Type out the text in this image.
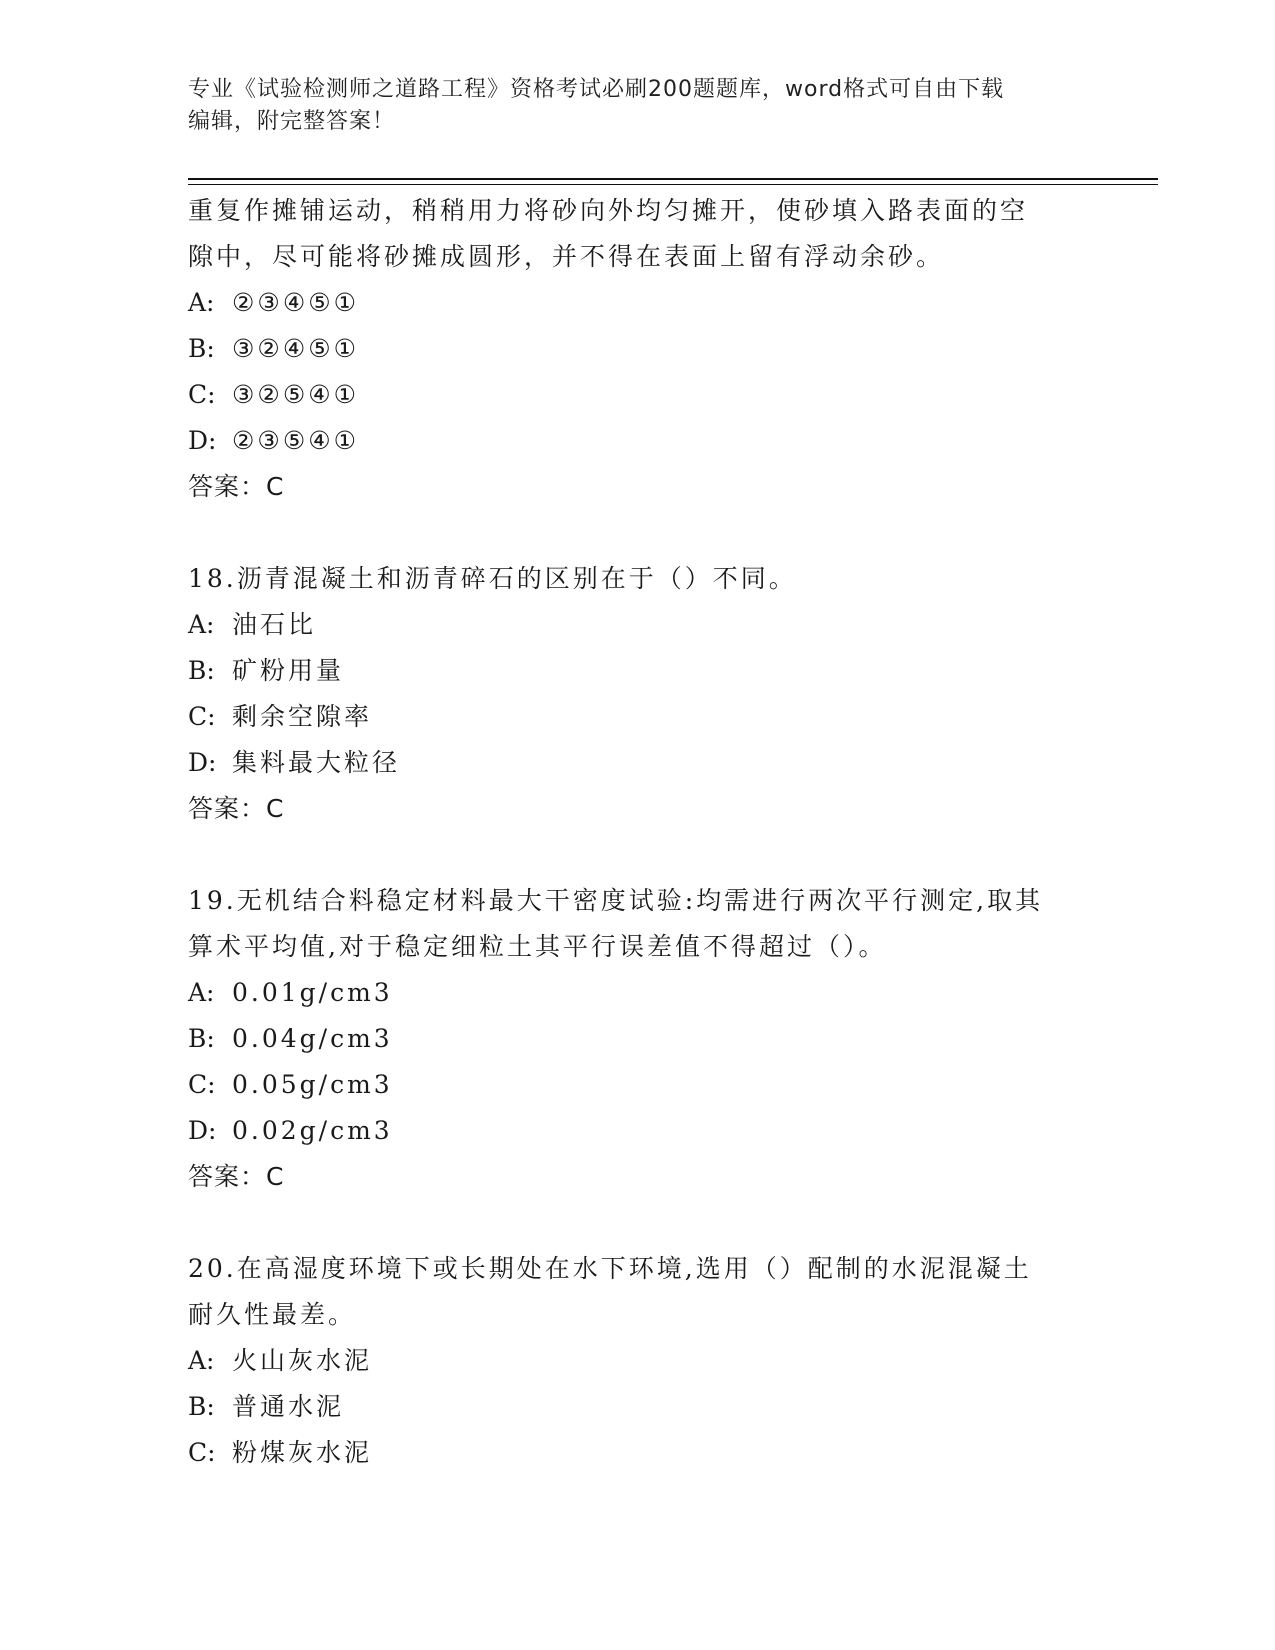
专业《试验检测师之道路工程》资格考试必刷200题题库，word格式可自由下载
编辑，附完整答案！
重复作摊铺运动，稍稍用力将砂向外均匀摊开，使砂填入路表面的空
隙中，尽可能将砂摊成圆形，并不得在表面上留有浮动余砂。
A: ②③④⑤①
B: ③②④⑤①
C: ③②⑤④①
D: ②③⑤④①
答案：C
18.沥青混凝土和沥青碎石的区别在于（）不同。
A: 油石比
B: 矿粉用量
C: 剩余空隙率
D: 集料最大粒径
答案：C
19.无机结合料稳定材料最大干密度试验:均需进行两次平行测定,取其
算术平均值,对于稳定细粒土其平行误差值不得超过（）。
A: 0.01g/cm3
B: 0.04g/cm3
C: 0.05g/cm3
D: 0.02g/cm3
答案：C
20.在高湿度环境下或长期处在水下环境,选用（）配制的水泥混凝土
耐久性最差。
A: 火山灰水泥
B: 普通水泥
C: 粉煤灰水泥
